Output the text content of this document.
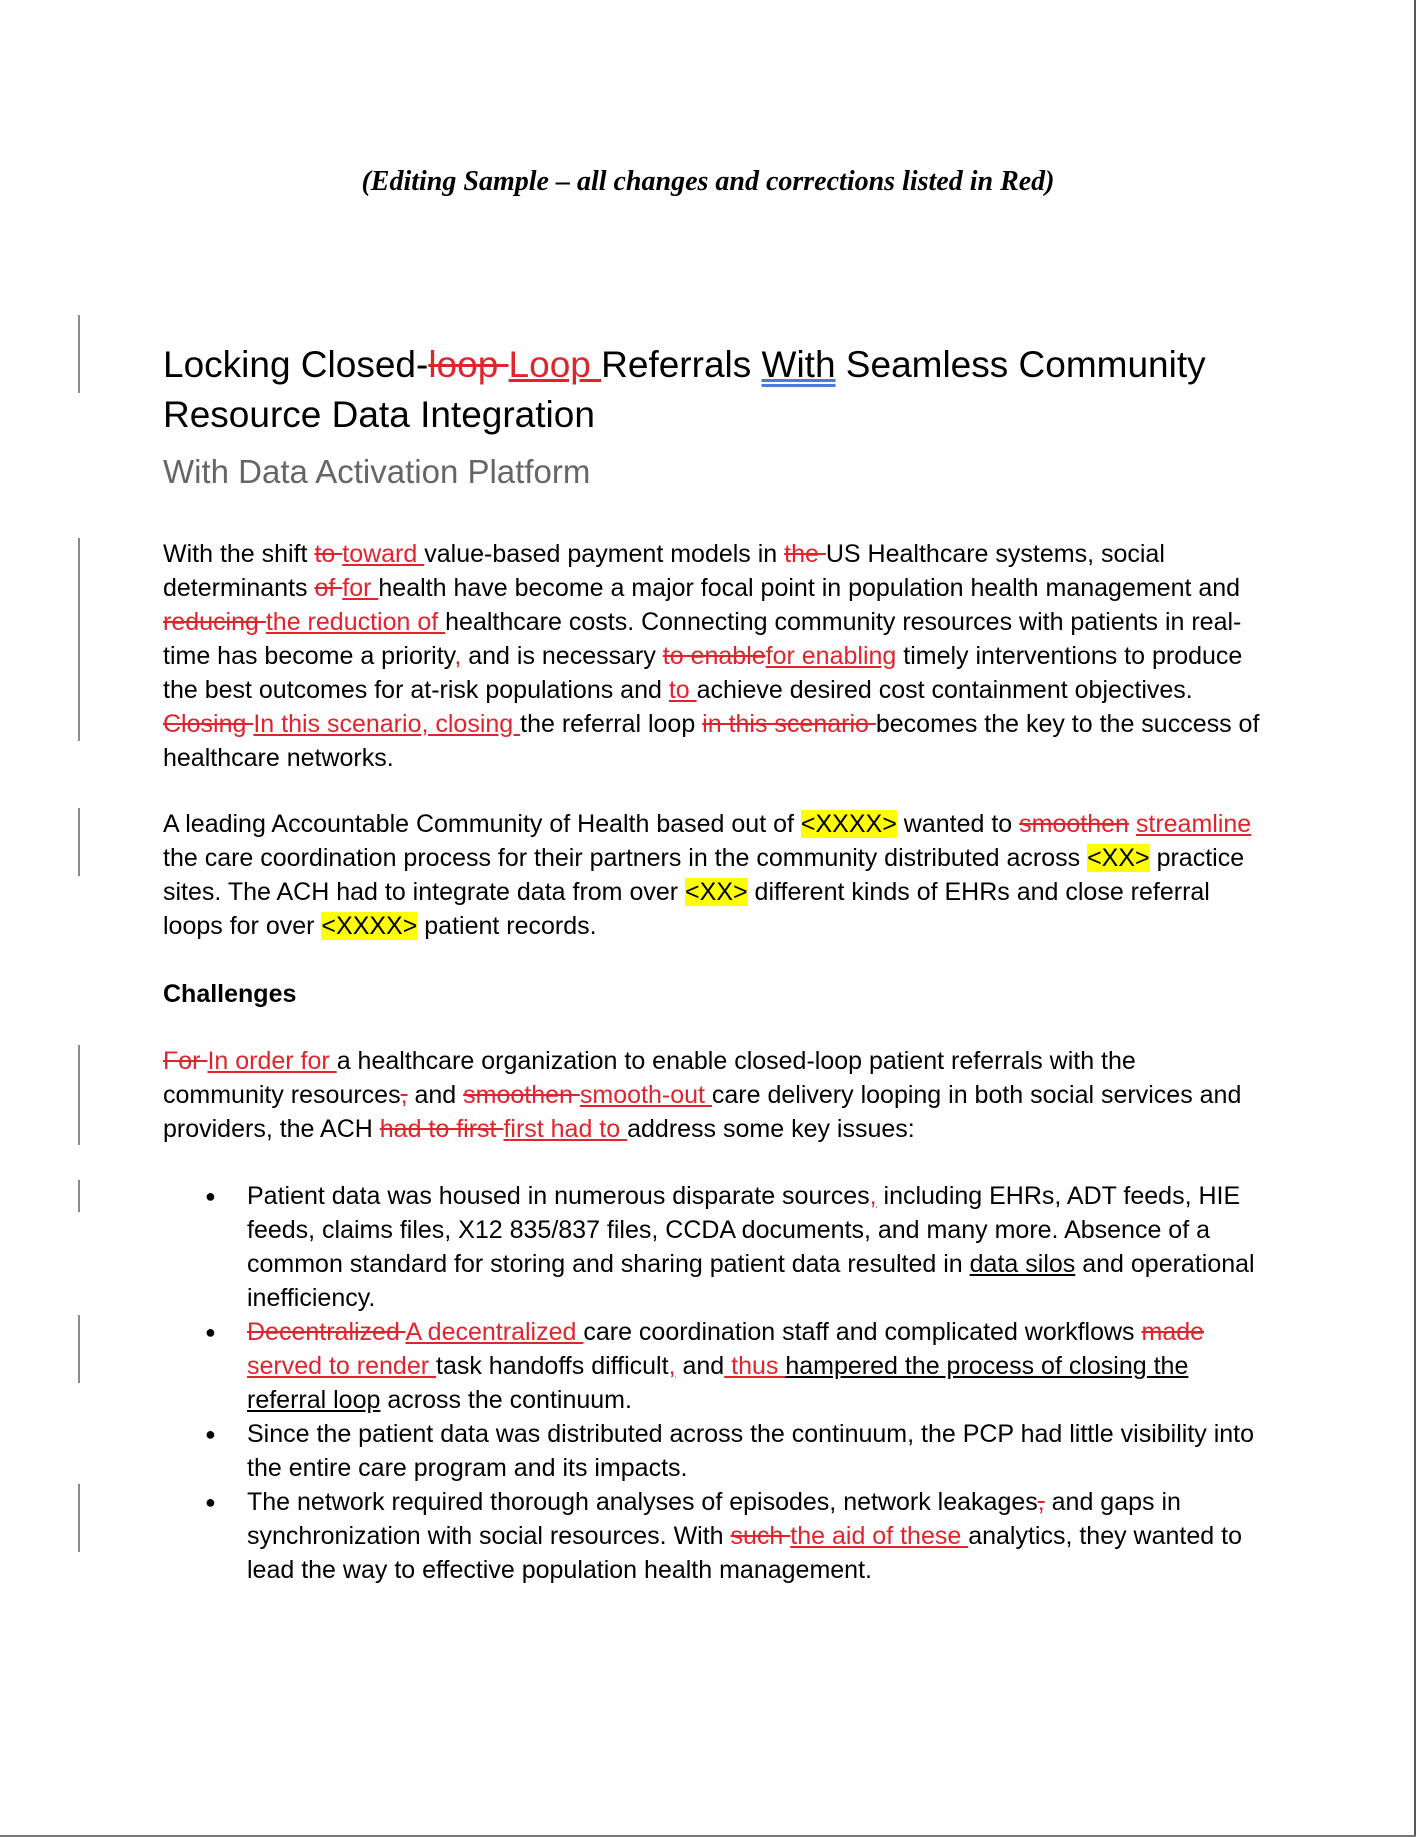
(Editing Sample – all changes and corrections listed in Red)
Locking Closed-loop Loop Referrals With Seamless Community Resource Data Integration
With Data Activation Platform
With the shift to toward value-based payment models in the US Healthcare systems, social determinants of for health have become a major focal point in population health management and reducing the reduction of healthcare costs. Connecting community resources with patients in real-time has become a priority, and is necessary to enablefor enabling timely interventions to produce the best outcomes for at-risk populations and to achieve desired cost containment objectives. Closing In this scenario, closing the referral loop in this scenario becomes the key to the success of healthcare networks.
A leading Accountable Community of Health based out of <XXXX> wanted to smoothen streamline the care coordination process for their partners in the community distributed across <XX> practice sites. The ACH had to integrate data from over <XX> different kinds of EHRs and close referral loops for over <XXXX> patient records.
Challenges
For In order for a healthcare organization to enable closed-loop patient referrals with the community resources, and smoothen smooth-out care delivery looping in both social services and providers, the ACH had to first first had to address some key issues:
● Patient data was housed in numerous disparate sources, including EHRs, ADT feeds, HIE feeds, claims files, X12 835/837 files, CCDA documents, and many more. Absence of a common standard for storing and sharing patient data resulted in data silos and operational inefficiency.
● Decentralized A decentralized care coordination staff and complicated workflows made served to render task handoffs difficult, and thus hampered the process of closing the referral loop across the continuum.
● Since the patient data was distributed across the continuum, the PCP had little visibility into the entire care program and its impacts.
● The network required thorough analyses of episodes, network leakages, and gaps in synchronization with social resources. With such the aid of these analytics, they wanted to lead the way to effective population health management.
